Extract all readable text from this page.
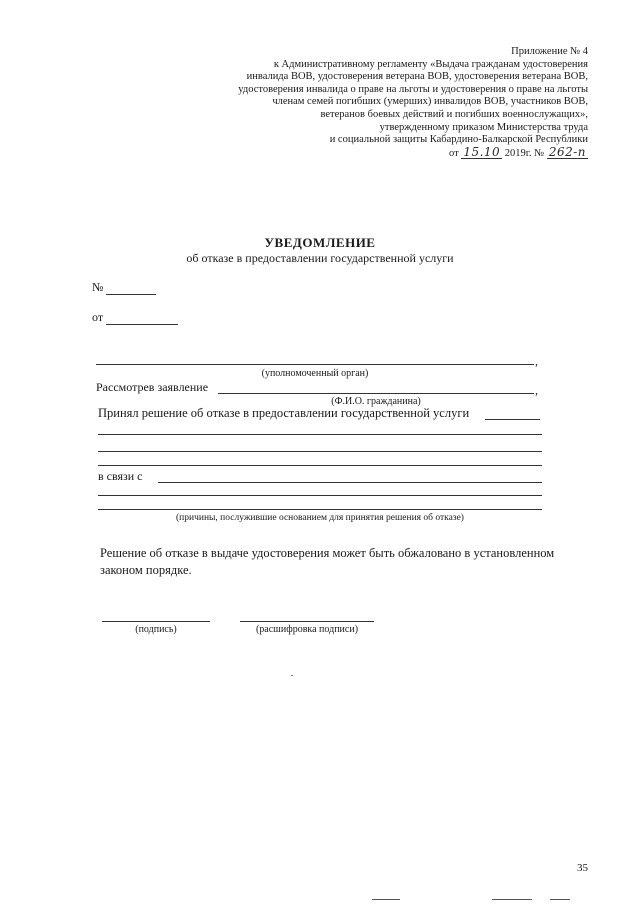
Приложение № 4
к Административному регламенту «Выдача гражданам удостоверения
инвалида ВОВ, удостоверения ветерана ВОВ, удостоверения ветерана ВОВ,
удостоверения инвалида о праве на льготы и удостоверения о праве на льготы
членам семей погибших (умерших) инвалидов ВОВ, участников ВОВ,
ветеранов боевых действий и погибших военнослужащих»,
утвержденному приказом Министерства труда
и социальной защиты Кабардино-Балкарской Республики
от 15.10 2019г. № 262-п
УВЕДОМЛЕНИЕ
об отказе в предоставлении государственной услуги
№
от
,
(уполномоченный орган)
Рассмотрев заявление	,
(Ф.И.О. гражданина)
Принял решение об отказе в предоставлении государственной услуги
в связи с
(причины, послужившие основанием для принятия решения об отказе)
Решение об отказе в выдаче удостоверения может быть обжаловано в установленном законом порядке.
(подпись)	(расшифровка подписи)
35
